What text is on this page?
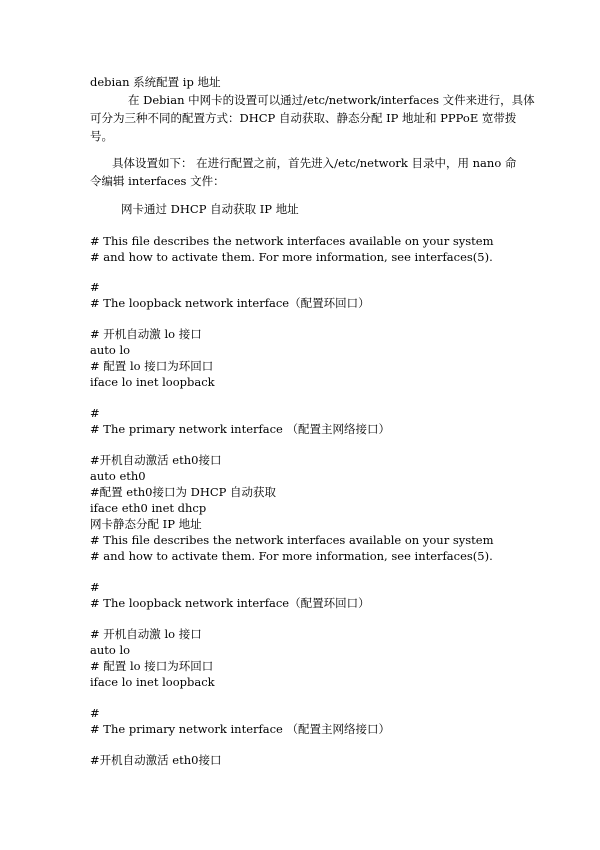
debian 系统配置 ip 地址
在 Debian 中网卡的设置可以通过/etc/network/interfaces 文件来进行，具体
可分为三种不同的配置方式：DHCP 自动获取、静态分配 IP 地址和 PPPoE 宽带拨
号。
具体设置如下： 在进行配置之前，首先进入/etc/network 目录中，用 nano 命
令编辑 interfaces 文件：
网卡通过 DHCP 自动获取 IP 地址
# This file describes the network interfaces available on your system
# and how to activate them. For more information, see interfaces(5).
#
# The loopback network interface（配置环回口）
# 开机自动激 lo 接口
auto lo
# 配置 lo 接口为环回口
iface lo inet loopback
#
# The primary network interface （配置主网络接口）
#开机自动激活 eth0接口
auto eth0
#配置 eth0接口为 DHCP 自动获取
iface eth0 inet dhcp
网卡静态分配 IP 地址
# This file describes the network interfaces available on your system
# and how to activate them. For more information, see interfaces(5).
#
# The loopback network interface（配置环回口）
# 开机自动激 lo 接口
auto lo
# 配置 lo 接口为环回口
iface lo inet loopback
#
# The primary network interface （配置主网络接口）
#开机自动激活 eth0接口
